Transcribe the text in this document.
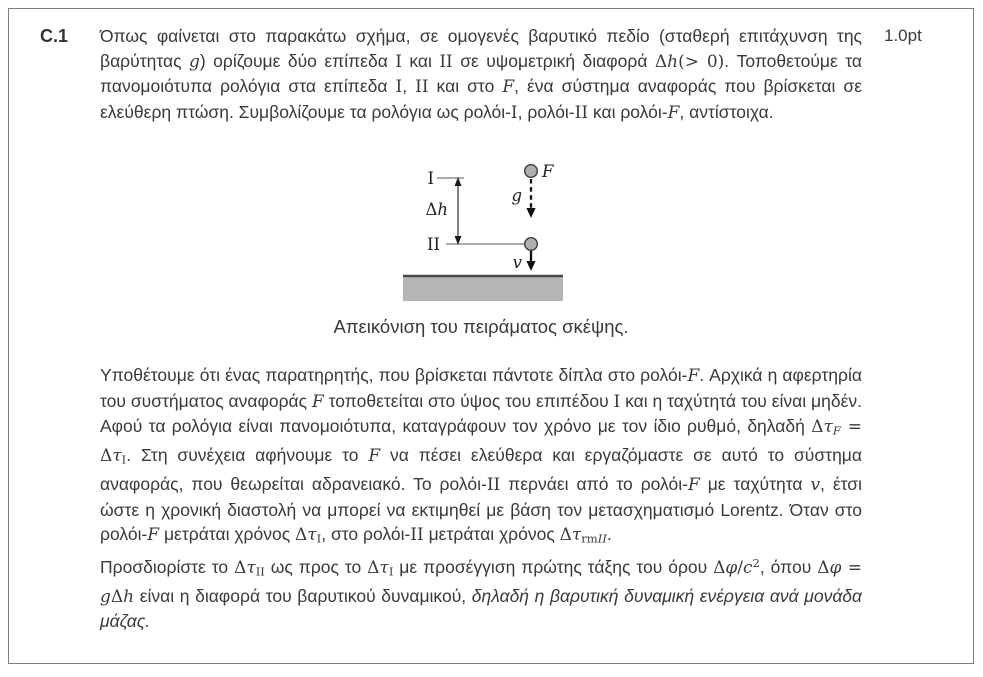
C.1	1.0pt
Όπως φαίνεται στο παρακάτω σχήμα, σε ομογενές βαρυτικό πεδίο (σταθερή επιτάχυνση της βαρύτητας g) ορίζουμε δύο επίπεδα I και II σε υψομετρική διαφορά Δh(> 0). Τοποθετούμε τα πανομοιότυπα ρολόγια στα επίπεδα I, II και στο F, ένα σύστημα αναφοράς που βρίσκεται σε ελεύθερη πτώση. Συμβολίζουμε τα ρολόγια ως ρολόι-I, ρολόι-II και ρολόι-F, αντίστοιχα.
I
Δh
II
F
g
v
Απεικόνιση του πειράματος σκέψης.

Υποθέτουμε ότι ένας παρατηρητής, που βρίσκεται πάντοτε δίπλα στο ρολόι-F. Αρχικά η αφερτηρία του συστήματος αναφοράς F τοποθετείται στο ύψος του επιπέδου I και η ταχύτητά του είναι μηδέν. Αφού τα ρολόγια είναι πανομοιότυπα, καταγράφουν τον χρόνο με τον ίδιο ρυθμό, δηλαδή ΔτF = ΔτI. Στη συνέχεια αφήνουμε το F να πέσει ελεύθερα και εργαζόμαστε σε αυτό το σύστημα αναφοράς, που θεωρείται αδρανειακό. Το ρολόι-II περνάει από το ρολόι-F με ταχύτητα v, έτσι ώστε η χρονική διαστολή να μπορεί να εκτιμηθεί με βάση τον μετασχηματισμό Lorentz. Όταν στο ρολόι-F μετράται χρόνος ΔτI, στο ρολόι-II μετράται χρόνος ΔτrmII.

Προσδιορίστε το ΔτII ως προς το ΔτI με προσέγγιση πρώτης τάξης του όρου $\Delta\varphi/c^2$, όπου Δφ = gΔh είναι η διαφορά του βαρυτικού δυναμικού, δηλαδή η βαρυτική δυναμική ενέργεια ανά μονάδα μάζας.
